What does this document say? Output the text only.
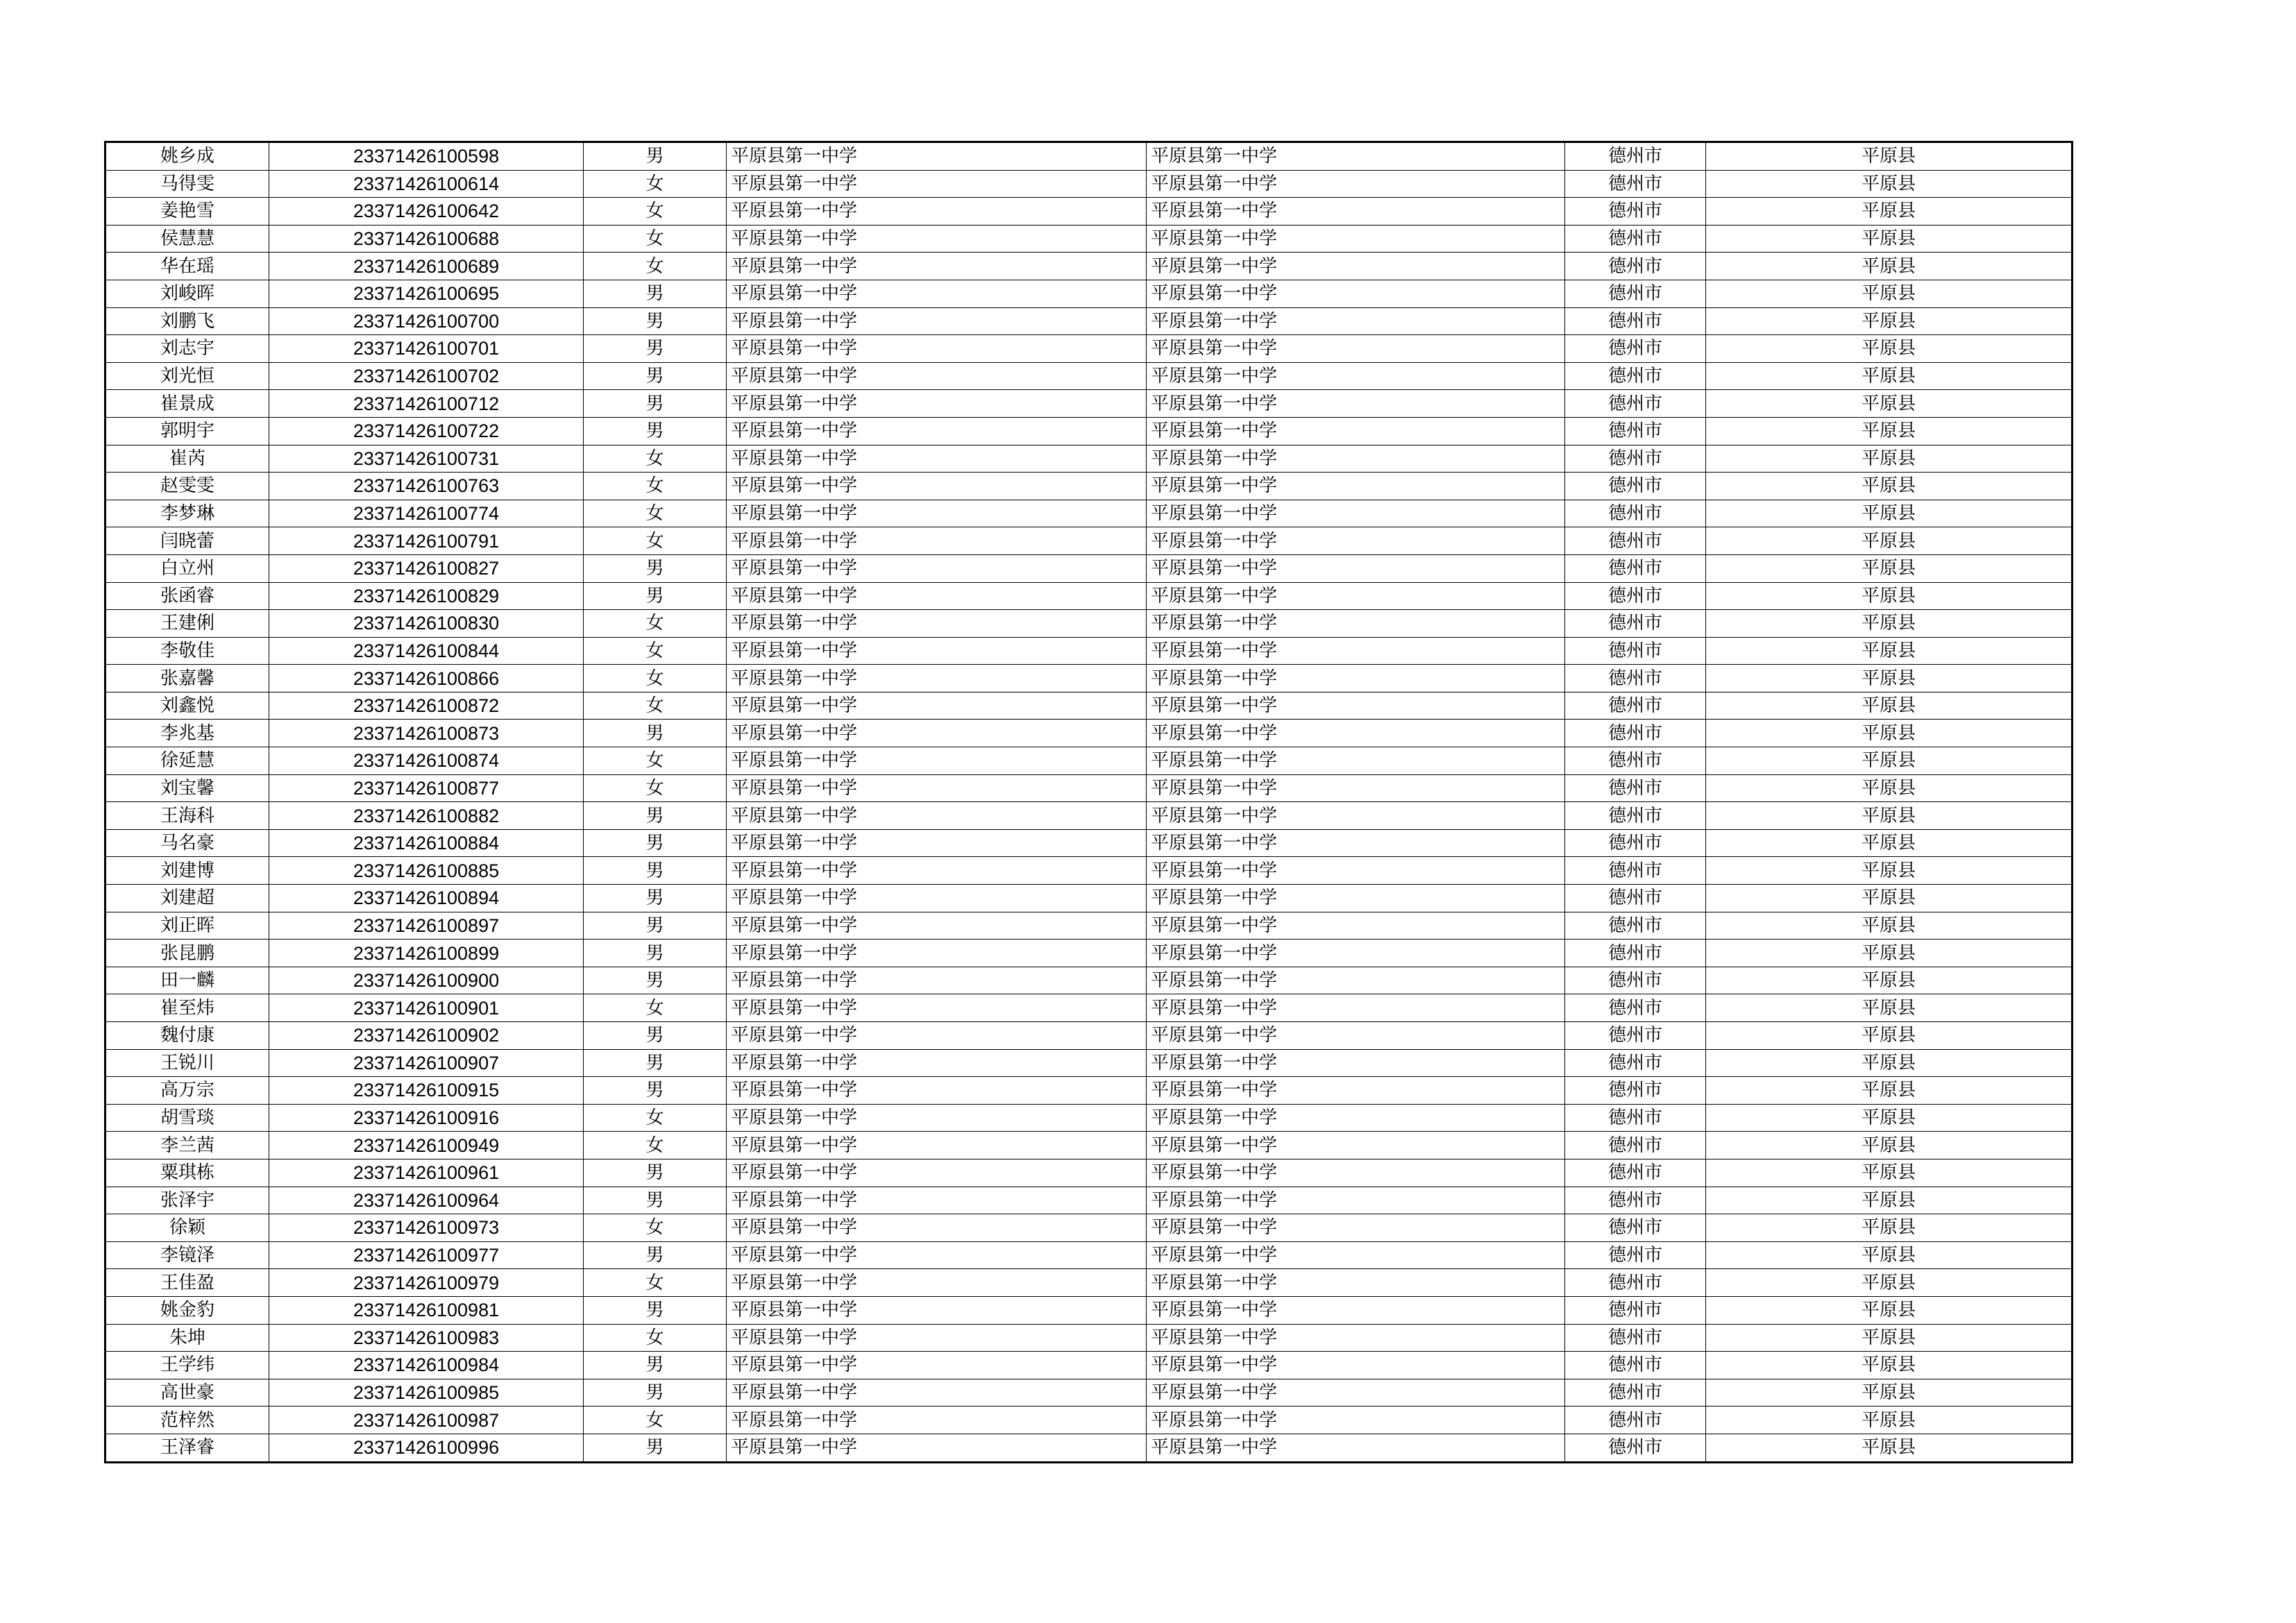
姚乡成	23371426100598	男	平原县第一中学	平原县第一中学	德州市	平原县
马得雯	23371426100614	女	平原县第一中学	平原县第一中学	德州市	平原县
姜艳雪	23371426100642	女	平原县第一中学	平原县第一中学	德州市	平原县
侯慧慧	23371426100688	女	平原县第一中学	平原县第一中学	德州市	平原县
华在瑶	23371426100689	女	平原县第一中学	平原县第一中学	德州市	平原县
刘峻晖	23371426100695	男	平原县第一中学	平原县第一中学	德州市	平原县
刘鹏飞	23371426100700	男	平原县第一中学	平原县第一中学	德州市	平原县
刘志宇	23371426100701	男	平原县第一中学	平原县第一中学	德州市	平原县
刘光恒	23371426100702	男	平原县第一中学	平原县第一中学	德州市	平原县
崔景成	23371426100712	男	平原县第一中学	平原县第一中学	德州市	平原县
郭明宇	23371426100722	男	平原县第一中学	平原县第一中学	德州市	平原县
崔芮	23371426100731	女	平原县第一中学	平原县第一中学	德州市	平原县
赵雯雯	23371426100763	女	平原县第一中学	平原县第一中学	德州市	平原县
李梦琳	23371426100774	女	平原县第一中学	平原县第一中学	德州市	平原县
闫晓蕾	23371426100791	女	平原县第一中学	平原县第一中学	德州市	平原县
白立州	23371426100827	男	平原县第一中学	平原县第一中学	德州市	平原县
张函睿	23371426100829	男	平原县第一中学	平原县第一中学	德州市	平原县
王建俐	23371426100830	女	平原县第一中学	平原县第一中学	德州市	平原县
李敬佳	23371426100844	女	平原县第一中学	平原县第一中学	德州市	平原县
张嘉馨	23371426100866	女	平原县第一中学	平原县第一中学	德州市	平原县
刘鑫悦	23371426100872	女	平原县第一中学	平原县第一中学	德州市	平原县
李兆基	23371426100873	男	平原县第一中学	平原县第一中学	德州市	平原县
徐延慧	23371426100874	女	平原县第一中学	平原县第一中学	德州市	平原县
刘宝馨	23371426100877	女	平原县第一中学	平原县第一中学	德州市	平原县
王海科	23371426100882	男	平原县第一中学	平原县第一中学	德州市	平原县
马名豪	23371426100884	男	平原县第一中学	平原县第一中学	德州市	平原县
刘建博	23371426100885	男	平原县第一中学	平原县第一中学	德州市	平原县
刘建超	23371426100894	男	平原县第一中学	平原县第一中学	德州市	平原县
刘正晖	23371426100897	男	平原县第一中学	平原县第一中学	德州市	平原县
张昆鹏	23371426100899	男	平原县第一中学	平原县第一中学	德州市	平原县
田一麟	23371426100900	男	平原县第一中学	平原县第一中学	德州市	平原县
崔至炜	23371426100901	女	平原县第一中学	平原县第一中学	德州市	平原县
魏付康	23371426100902	男	平原县第一中学	平原县第一中学	德州市	平原县
王锐川	23371426100907	男	平原县第一中学	平原县第一中学	德州市	平原县
高万宗	23371426100915	男	平原县第一中学	平原县第一中学	德州市	平原县
胡雪琰	23371426100916	女	平原县第一中学	平原县第一中学	德州市	平原县
李兰茜	23371426100949	女	平原县第一中学	平原县第一中学	德州市	平原县
粟琪栋	23371426100961	男	平原县第一中学	平原县第一中学	德州市	平原县
张泽宇	23371426100964	男	平原县第一中学	平原县第一中学	德州市	平原县
徐颖	23371426100973	女	平原县第一中学	平原县第一中学	德州市	平原县
李镜泽	23371426100977	男	平原县第一中学	平原县第一中学	德州市	平原县
王佳盈	23371426100979	女	平原县第一中学	平原县第一中学	德州市	平原县
姚金豹	23371426100981	男	平原县第一中学	平原县第一中学	德州市	平原县
朱坤	23371426100983	女	平原县第一中学	平原县第一中学	德州市	平原县
王学纬	23371426100984	男	平原县第一中学	平原县第一中学	德州市	平原县
高世豪	23371426100985	男	平原县第一中学	平原县第一中学	德州市	平原县
范梓然	23371426100987	女	平原县第一中学	平原县第一中学	德州市	平原县
王泽睿	23371426100996	男	平原县第一中学	平原县第一中学	德州市	平原县
